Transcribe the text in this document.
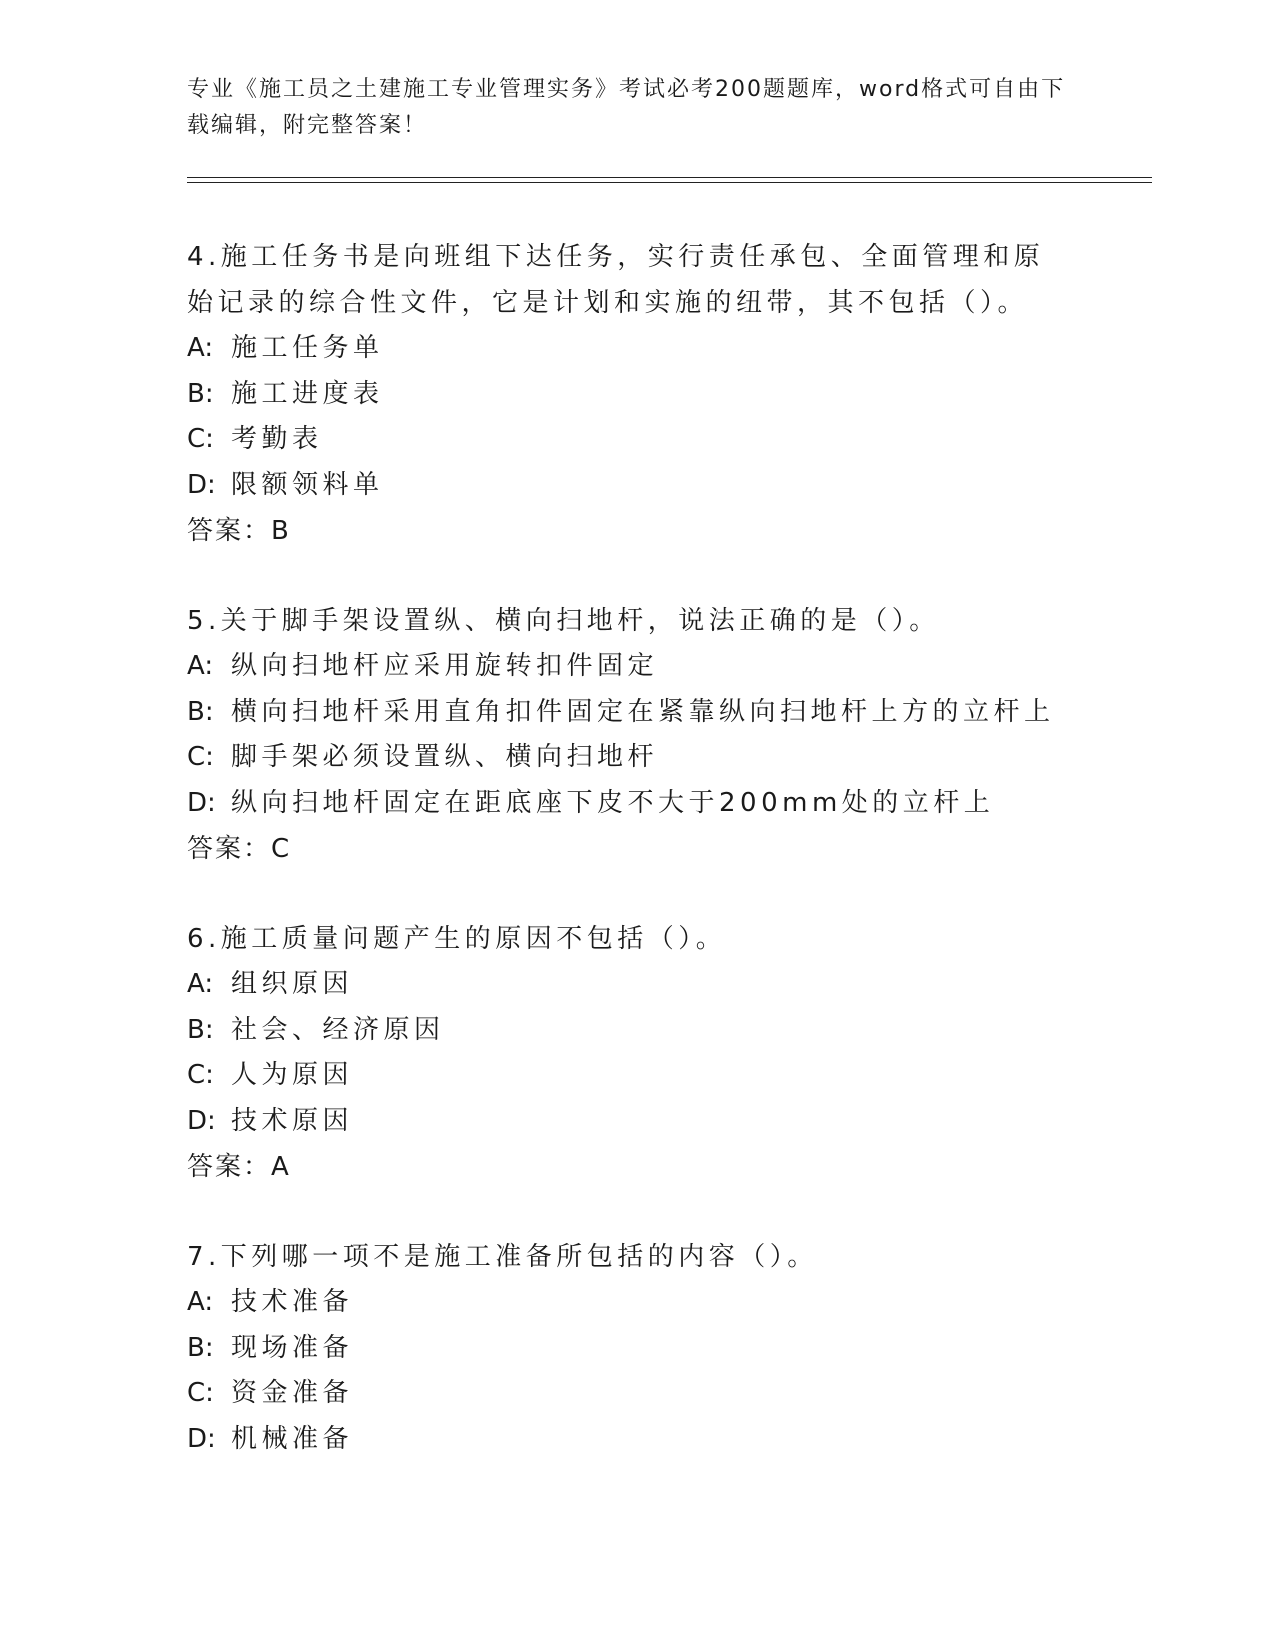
专业《施工员之土建施工专业管理实务》考试必考200题题库，word格式可自由下载编辑，附完整答案！
4.施工任务书是向班组下达任务，实行责任承包、全面管理和原始记录的综合性文件，它是计划和实施的纽带，其不包括（）。
A: 施工任务单
B: 施工进度表
C: 考勤表
D: 限额领料单
答案：B
5.关于脚手架设置纵、横向扫地杆，说法正确的是（）。
A: 纵向扫地杆应采用旋转扣件固定
B: 横向扫地杆采用直角扣件固定在紧靠纵向扫地杆上方的立杆上
C: 脚手架必须设置纵、横向扫地杆
D: 纵向扫地杆固定在距底座下皮不大于200mm处的立杆上
答案：C
6.施工质量问题产生的原因不包括（）。
A: 组织原因
B: 社会、经济原因
C: 人为原因
D: 技术原因
答案：A
7.下列哪一项不是施工准备所包括的内容（）。
A: 技术准备
B: 现场准备
C: 资金准备
D: 机械准备
